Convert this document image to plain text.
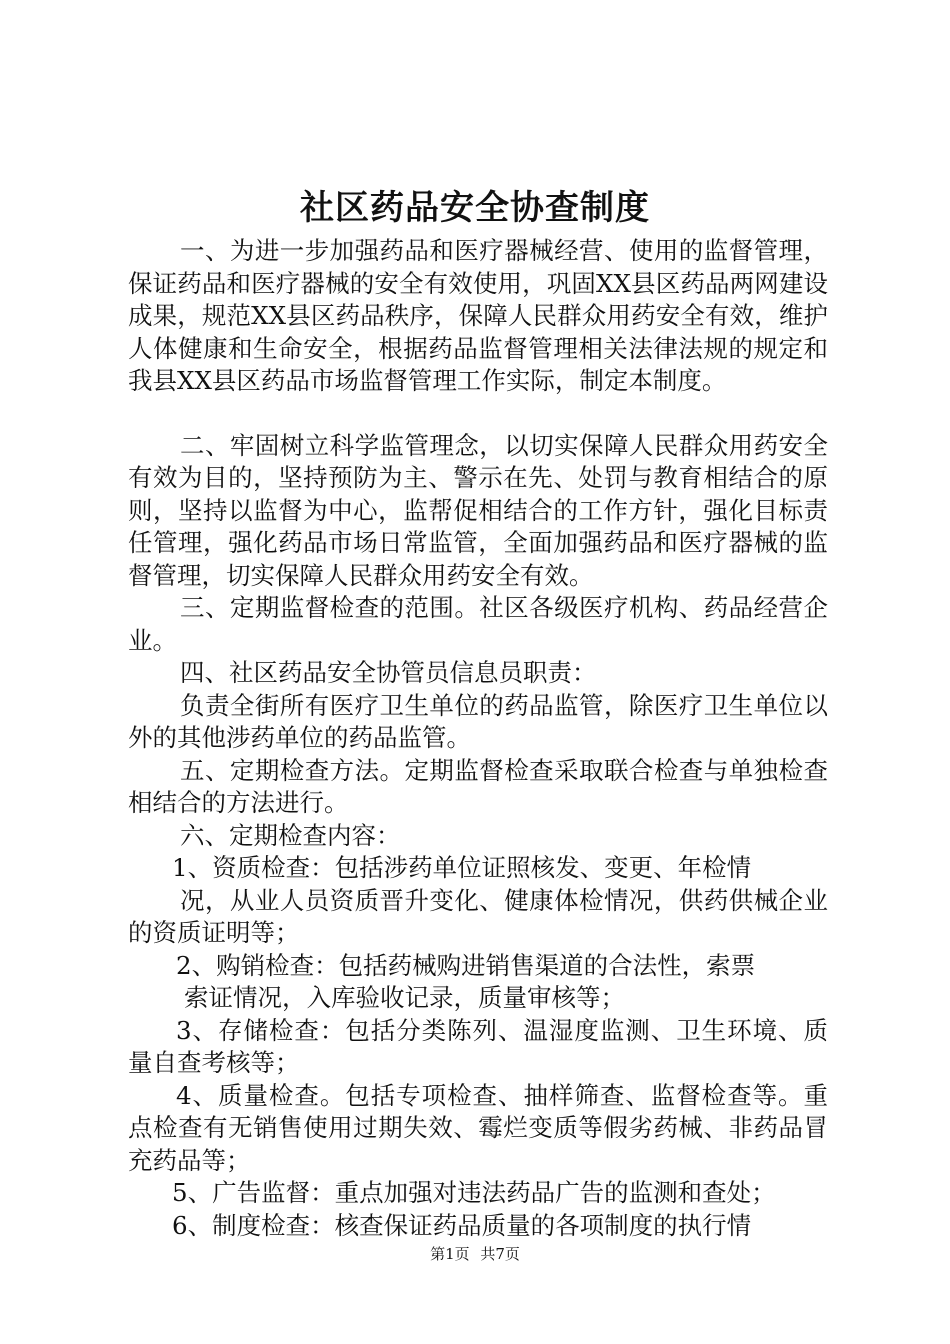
社区药品安全协查制度

一、为进一步加强药品和医疗器械经营、使用的监督管理，保证药品和医疗器械的安全有效使用，巩固XX县区药品两网建设成果，规范XX县区药品秩序，保障人民群众用药安全有效，维护人体健康和生命安全，根据药品监督管理相关法律法规的规定和我县XX县区药品市场监督管理工作实际，制定本制度。

二、牢固树立科学监管理念，以切实保障人民群众用药安全有效为目的，坚持预防为主、警示在先、处罚与教育相结合的原则，坚持以监督为中心，监帮促相结合的工作方针，强化目标责任管理，强化药品市场日常监管，全面加强药品和医疗器械的监督管理，切实保障人民群众用药安全有效。

三、定期监督检查的范围。社区各级医疗机构、药品经营企业。

四、社区药品安全协管员信息员职责：

负责全街所有医疗卫生单位的药品监管，除医疗卫生单位以外的其他涉药单位的药品监管。

五、定期检查方法。定期监督检查采取联合检查与单独检查相结合的方法进行。

六、定期检查内容：

1、资质检查：包括涉药单位证照核发、变更、年检情

况，从业人员资质晋升变化、健康体检情况，供药供械企业的资质证明等；

2、购销检查：包括药械购进销售渠道的合法性，索票

索证情况，入库验收记录，质量审核等；

3、存储检查：包括分类陈列、温湿度监测、卫生环境、质量自查考核等；

4、质量检查。包括专项检查、抽样筛查、监督检查等。重点检查有无销售使用过期失效、霉烂变质等假劣药械、非药品冒充药品等；

5、广告监督：重点加强对违法药品广告的监测和查处；

6、制度检查：核查保证药品质量的各项制度的执行情

第1页 共7页
